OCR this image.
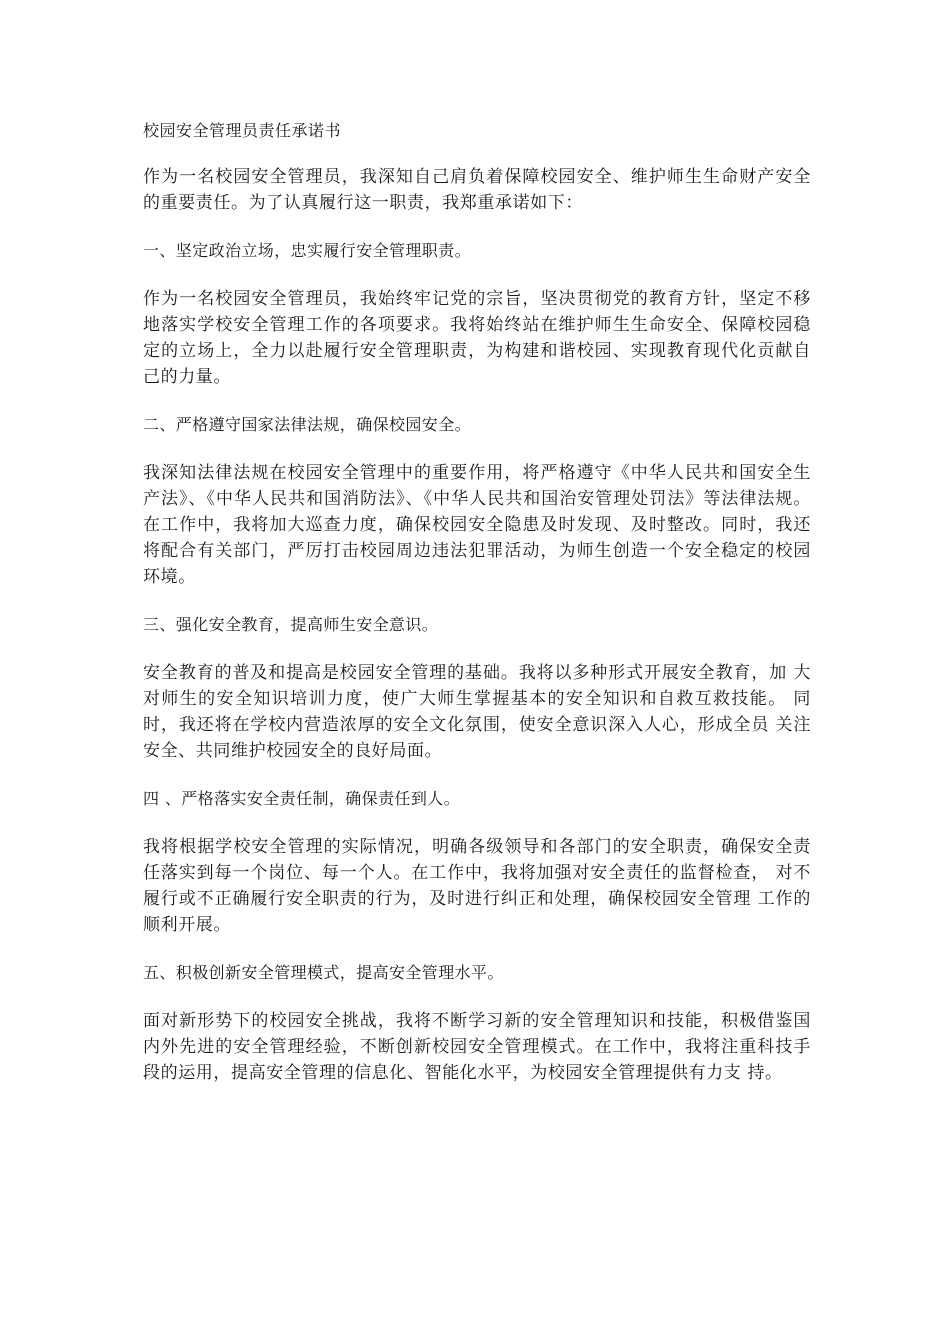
校园安全管理员责任承诺书

作为一名校园安全管理员，我深知自己肩负着保障校园安全、维护师生生命财产安全的重要责任。为了认真履行这一职责，我郑重承诺如下：

一、坚定政治立场，忠实履行安全管理职责。

作为一名校园安全管理员，我始终牢记党的宗旨，坚决贯彻党的教育方针，坚定不移地落实学校安全管理工作的各项要求。我将始终站在维护师生生命安全、保障校园稳定的立场上，全力以赴履行安全管理职责，为构建和谐校园、实现教育现代化贡献自己的力量。

二、严格遵守国家法律法规，确保校园安全。

我深知法律法规在校园安全管理中的重要作用，将严格遵守《中华人民共和国安全生产法》、《中华人民共和国消防法》、《中华人民共和国治安管理处罚法》等法律法规。在工作中，我将加大巡查力度，确保校园安全隐患及时发现、及时整改。同时，我还将配合有关部门，严厉打击校园周边违法犯罪活动，为师生创造一个安全稳定的校园环境。

三、强化安全教育，提高师生安全意识。

安全教育的普及和提高是校园安全管理的基础。我将以多种形式开展安全教育，加 大对师生的安全知识培训力度，使广大师生掌握基本的安全知识和自救互救技能。 同时，我还将在学校内营造浓厚的安全文化氛围，使安全意识深入人心，形成全员 关注安全、共同维护校园安全的良好局面。

四 、严格落实安全责任制，确保责任到人。

我将根据学校安全管理的实际情况，明确各级领导和各部门的安全职责，确保安全责任落实到每一个岗位、每一个人。在工作中，我将加强对安全责任的监督检查， 对不履行或不正确履行安全职责的行为，及时进行纠正和处理，确保校园安全管理 工作的顺利开展。

五、积极创新安全管理模式，提高安全管理水平。

面对新形势下的校园安全挑战，我将不断学习新的安全管理知识和技能，积极借鉴国内外先进的安全管理经验，不断创新校园安全管理模式。在工作中，我将注重科技手段的运用，提高安全管理的信息化、智能化水平，为校园安全管理提供有力支 持。
